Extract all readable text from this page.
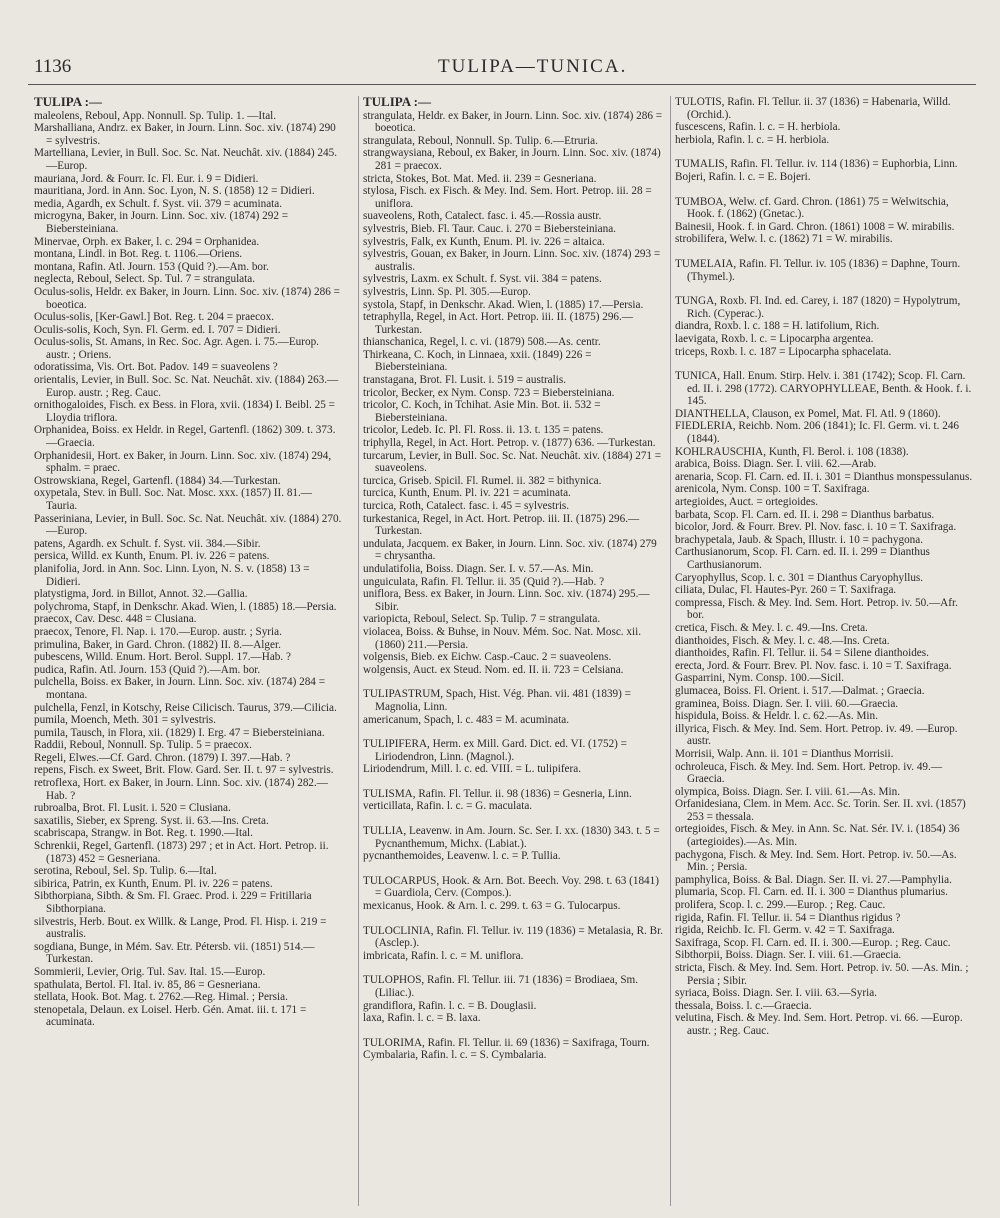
1136	TULIPA—TUNICA.
TULIPA :—
maleolens, Reboul, App. Nonnull. Sp. Tulip. 1. —Ital.
Marshalliana, Andrz. ex Baker, in Journ. Linn. Soc. xiv. (1874) 290 = sylvestris.
Martelliana, Levier, in Bull. Soc. Sc. Nat. Neuchât. xiv. (1884) 245.—Europ.
mauriana, Jord. & Fourr. Ic. Fl. Eur. i. 9 = Didieri.
mauritiana, Jord. in Ann. Soc. Lyon, N. S. (1858) 12 = Didieri.
media, Agardh, ex Schult. f. Syst. vii. 379 = acuminata.
microgyna, Baker, in Journ. Linn. Soc. xiv. (1874) 292 = Biebersteiniana.
Minervae, Orph. ex Baker, l. c. 294 = Orphanidea.
montana, Lindl. in Bot. Reg. t. 1106.—Oriens.
montana, Rafin. Atl. Journ. 153 (Quid ?).—Am. bor.
neglecta, Reboul, Select. Sp. Tul. 7 = strangulata.
Oculus-solis, Heldr. ex Baker, in Journ. Linn. Soc. xiv. (1874) 286 = boeotica.
Oculus-solis, [Ker-Gawl.] Bot. Reg. t. 204 = praecox.
Oculis-solis, Koch, Syn. Fl. Germ. ed. I. 707 = Didieri.
Oculus-solis, St. Amans, in Rec. Soc. Agr. Agen. i. 75.—Europ. austr. ; Oriens.
odoratissima, Vis. Ort. Bot. Padov. 149 = suaveolens ?
orientalis, Levier, in Bull. Soc. Sc. Nat. Neuchât. xiv. (1884) 263.—Europ. austr. ; Reg. Cauc.
ornithogaloides, Fisch. ex Bess. in Flora, xvii. (1834) I. Beibl. 25 = Lloydia triflora.
Orphanidea, Boiss. ex Heldr. in Regel, Gartenfl. (1862) 309. t. 373.—Graecia.
Orphanidesii, Hort. ex Baker, in Journ. Linn. Soc. xiv. (1874) 294, sphalm. = praec.
Ostrowskiana, Regel, Gartenfl. (1884) 34.—Turkestan.
oxypetala, Stev. in Bull. Soc. Nat. Mosc. xxx. (1857) II. 81.—Tauria.
Passeriniana, Levier, in Bull. Soc. Sc. Nat. Neuchât. xiv. (1884) 270.—Europ.
patens, Agardh. ex Schult. f. Syst. vii. 384.—Sibir.
persica, Willd. ex Kunth, Enum. Pl. iv. 226 = patens.
planifolia, Jord. in Ann. Soc. Linn. Lyon, N. S. v. (1858) 13 = Didieri.
platystigma, Jord. in Billot, Annot. 32.—Gallia.
polychroma, Stapf, in Denkschr. Akad. Wien, l. (1885) 18.—Persia.
praecox, Cav. Desc. 448 = Clusiana.
praecox, Tenore, Fl. Nap. i. 170.—Europ. austr. ; Syria.
primulina, Baker, in Gard. Chron. (1882) II. 8.—Alger.
pubescens, Willd. Enum. Hort. Berol. Suppl. 17.—Hab. ?
pudica, Rafin. Atl. Journ. 153 (Quid ?).—Am. bor.
pulchella, Boiss. ex Baker, in Journ. Linn. Soc. xiv. (1874) 284 = montana.
pulchella, Fenzl, in Kotschy, Reise Cilicisch. Taurus, 379.—Cilicia.
pumila, Moench, Meth. 301 = sylvestris.
pumila, Tausch, in Flora, xii. (1829) I. Erg. 47 = Biebersteiniana.
Raddii, Reboul, Nonnull. Sp. Tulip. 5 = praecox.
Regeli, Elwes.—Cf. Gard. Chron. (1879) I. 397.—Hab. ?
repens, Fisch. ex Sweet, Brit. Flow. Gard. Ser. II. t. 97 = sylvestris.
retroflexa, Hort. ex Baker, in Journ. Linn. Soc. xiv. (1874) 282.—Hab. ?
rubroalba, Brot. Fl. Lusit. i. 520 = Clusiana.
saxatilis, Sieber, ex Spreng. Syst. ii. 63.—Ins. Creta.
scabriscapa, Strangw. in Bot. Reg. t. 1990.—Ital.
Schrenkii, Regel, Gartenfl. (1873) 297 ; et in Act. Hort. Petrop. ii. (1873) 452 = Gesneriana.
serotina, Reboul, Sel. Sp. Tulip. 6.—Ital.
sibirica, Patrin, ex Kunth, Enum. Pl. iv. 226 = patens.
Sibthorpiana, Sibth. & Sm. Fl. Graec. Prod. i. 229 = Fritillaria Sibthorpiana.
silvestris, Herb. Bout. ex Willk. & Lange, Prod. Fl. Hisp. i. 219 = australis.
sogdiana, Bunge, in Mém. Sav. Etr. Pétersb. vii. (1851) 514.—Turkestan.
Sommierii, Levier, Orig. Tul. Sav. Ital. 15.—Europ.
spathulata, Bertol. Fl. Ital. iv. 85, 86 = Gesneriana.
stellata, Hook. Bot. Mag. t. 2762.—Reg. Himal. ; Persia.
stenopetala, Delaun. ex Loisel. Herb. Gén. Amat. iii. t. 171 = acuminata.
TULIPA :—
strangulata, Heldr. ex Baker, in Journ. Linn. Soc. xiv. (1874) 286 = boeotica.
strangulata, Reboul, Nonnull. Sp. Tulip. 6.—Etruria.
strangwaysiana, Reboul, ex Baker, in Journ. Linn. Soc. xiv. (1874) 281 = praecox.
stricta, Stokes, Bot. Mat. Med. ii. 239 = Gesneriana.
stylosa, Fisch. ex Fisch. & Mey. Ind. Sem. Hort. Petrop. iii. 28 = uniflora.
suaveolens, Roth, Catalect. fasc. i. 45.—Rossia austr.
sylvestris, Bieb. Fl. Taur. Cauc. i. 270 = Biebersteiniana.
sylvestris, Falk, ex Kunth, Enum. Pl. iv. 226 = altaica.
sylvestris, Gouan, ex Baker, in Journ. Linn. Soc. xiv. (1874) 293 = australis.
sylvestris, Laxm. ex Schult. f. Syst. vii. 384 = patens.
sylvestris, Linn. Sp. Pl. 305.—Europ.
systola, Stapf, in Denkschr. Akad. Wien, l. (1885) 17.—Persia.
tetraphylla, Regel, in Act. Hort. Petrop. iii. II. (1875) 296.—Turkestan.
thianschanica, Regel, l. c. vi. (1879) 508.—As. centr.
Thirkeana, C. Koch, in Linnaea, xxii. (1849) 226 = Biebersteiniana.
transtagana, Brot. Fl. Lusit. i. 519 = australis.
tricolor, Becker, ex Nym. Consp. 723 = Biebersteiniana.
tricolor, C. Koch, in Tchihat. Asie Min. Bot. ii. 532 = Biebersteiniana.
tricolor, Ledeb. Ic. Pl. Fl. Ross. ii. 13. t. 135 = patens.
triphylla, Regel, in Act. Hort. Petrop. v. (1877) 636. —Turkestan.
turcarum, Levier, in Bull. Soc. Sc. Nat. Neuchât. xiv. (1884) 271 = suaveolens.
turcica, Griseb. Spicil. Fl. Rumel. ii. 382 = bithynica.
turcica, Kunth, Enum. Pl. iv. 221 = acuminata.
turcica, Roth, Catalect. fasc. i. 45 = sylvestris.
turkestanica, Regel, in Act. Hort. Petrop. iii. II. (1875) 296.—Turkestan.
undulata, Jacquem. ex Baker, in Journ. Linn. Soc. xiv. (1874) 279 = chrysantha.
undulatifolia, Boiss. Diagn. Ser. I. v. 57.—As. Min.
unguiculata, Rafin. Fl. Tellur. ii. 35 (Quid ?).—Hab. ?
uniflora, Bess. ex Baker, in Journ. Linn. Soc. xiv. (1874) 295.—Sibir.
variopicta, Reboul, Select. Sp. Tulip. 7 = strangulata.
violacea, Boiss. & Buhse, in Nouv. Mém. Soc. Nat. Mosc. xii. (1860) 211.—Persia.
volgensis, Bieb. ex Eichw. Casp.-Cauc. 2 = suaveolens.
wolgensis, Auct. ex Steud. Nom. ed. II. ii. 723 = Celsiana.
TULIPASTRUM, Spach, Hist. Vég. Phan. vii. 481 (1839) = Magnolia, Linn.
americanum, Spach, l. c. 483 = M. acuminata.
TULIPIFERA, Herm. ex Mill. Gard. Dict. ed. VI. (1752) = Liriodendron, Linn. (Magnol.).
Liriodendrum, Mill. l. c. ed. VIII. = L. tulipifera.
TULISMA, Rafin. Fl. Tellur. ii. 98 (1836) = Gesneria, Linn.
verticillata, Rafin. l. c. = G. maculata.
TULLIA, Leavenw. in Am. Journ. Sc. Ser. I. xx. (1830) 343. t. 5 = Pycnanthemum, Michx. (Labiat.).
pycnanthemoides, Leavenw. l. c. = P. Tullia.
TULOCARPUS, Hook. & Arn. Bot. Beech. Voy. 298. t. 63 (1841) = Guardiola, Cerv. (Compos.).
mexicanus, Hook. & Arn. l. c. 299. t. 63 = G. Tulocarpus.
TULOCLINIA, Rafin. Fl. Tellur. iv. 119 (1836) = Metalasia, R. Br. (Asclep.).
imbricata, Rafin. l. c. = M. uniflora.
TULOPHOS, Rafin. Fl. Tellur. iii. 71 (1836) = Brodiaea, Sm. (Liliac.).
grandiflora, Rafin. l. c. = B. Douglasii.
laxa, Rafin. l. c. = B. laxa.
TULORIMA, Rafin. Fl. Tellur. ii. 69 (1836) = Saxifraga, Tourn.
Cymbalaria, Rafin. l. c. = S. Cymbalaria.
TULOTIS, Rafin. Fl. Tellur. ii. 37 (1836) = Habenaria, Willd. (Orchid.).
fuscescens, Rafin. l. c. = H. herbiola.
herbiola, Rafin. l. c. = H. herbiola.
TUMALIS, Rafin. Fl. Tellur. iv. 114 (1836) = Euphorbia, Linn.
Bojeri, Rafin. l. c. = E. Bojeri.
TUMBOA, Welw. cf. Gard. Chron. (1861) 75 = Welwitschia, Hook. f. (1862) (Gnetac.).
Bainesii, Hook. f. in Gard. Chron. (1861) 1008 = W. mirabilis.
strobilifera, Welw. l. c. (1862) 71 = W. mirabilis.
TUMELAIA, Rafin. Fl. Tellur. iv. 105 (1836) = Daphne, Tourn. (Thymel.).
TUNGA, Roxb. Fl. Ind. ed. Carey, i. 187 (1820) = Hypolytrum, Rich. (Cyperac.).
diandra, Roxb. l. c. 188 = H. latifolium, Rich.
laevigata, Roxb. l. c. = Lipocarpha argentea.
triceps, Roxb. l. c. 187 = Lipocarpha sphacelata.
TUNICA, Hall. Enum. Stirp. Helv. i. 381 (1742); Scop. Fl. Carn. ed. II. i. 298 (1772). CARYOPHYLLEAE, Benth. & Hook. f. i. 145.
DIANTHELLA, Clauson, ex Pomel, Mat. Fl. Atl. 9 (1860).
FIEDLERIA, Reichb. Nom. 206 (1841); Ic. Fl. Germ. vi. t. 246 (1844).
KOHLRAUSCHIA, Kunth, Fl. Berol. i. 108 (1838).
arabica, Boiss. Diagn. Ser. I. viii. 62.—Arab.
arenaria, Scop. Fl. Carn. ed. II. i. 301 = Dianthus monspessulanus.
arenicola, Nym. Consp. 100 = T. Saxifraga.
artegioides, Auct. = ortegioides.
barbata, Scop. Fl. Carn. ed. II. i. 298 = Dianthus barbatus.
bicolor, Jord. & Fourr. Brev. Pl. Nov. fasc. i. 10 = T. Saxifraga.
brachypetala, Jaub. & Spach, Illustr. i. 10 = pachygona.
Carthusianorum, Scop. Fl. Carn. ed. II. i. 299 = Dianthus Carthusianorum.
Caryophyllus, Scop. l. c. 301 = Dianthus Caryophyllus.
ciliata, Dulac, Fl. Hautes-Pyr. 260 = T. Saxifraga.
compressa, Fisch. & Mey. Ind. Sem. Hort. Petrop. iv. 50.—Afr. bor.
cretica, Fisch. & Mey. l. c. 49.—Ins. Creta.
dianthoides, Fisch. & Mey. l. c. 48.—Ins. Creta.
dianthoides, Rafin. Fl. Tellur. ii. 54 = Silene dianthoides.
erecta, Jord. & Fourr. Brev. Pl. Nov. fasc. i. 10 = T. Saxifraga.
Gasparrini, Nym. Consp. 100.—Sicil.
glumacea, Boiss. Fl. Orient. i. 517.—Dalmat. ; Graecia.
graminea, Boiss. Diagn. Ser. I. viii. 60.—Graecia.
hispidula, Boiss. & Heldr. l. c. 62.—As. Min.
illyrica, Fisch. & Mey. Ind. Sem. Hort. Petrop. iv. 49. —Europ. austr.
Morrisii, Walp. Ann. ii. 101 = Dianthus Morrisii.
ochroleuca, Fisch. & Mey. Ind. Sem. Hort. Petrop. iv. 49.—Graecia.
olympica, Boiss. Diagn. Ser. I. viii. 61.—As. Min.
Orfanidesiana, Clem. in Mem. Acc. Sc. Torin. Ser. II. xvi. (1857) 253 = thessala.
ortegioides, Fisch. & Mey. in Ann. Sc. Nat. Sér. IV. i. (1854) 36 (artegioides).—As. Min.
pachygona, Fisch. & Mey. Ind. Sem. Hort. Petrop. iv. 50.—As. Min. ; Persia.
pamphylica, Boiss. & Bal. Diagn. Ser. II. vi. 27.—Pamphylia.
plumaria, Scop. Fl. Carn. ed. II. i. 300 = Dianthus plumarius.
prolifera, Scop. l. c. 299.—Europ. ; Reg. Cauc.
rigida, Rafin. Fl. Tellur. ii. 54 = Dianthus rigidus ?
rigida, Reichb. Ic. Fl. Germ. v. 42 = T. Saxifraga.
Saxifraga, Scop. Fl. Carn. ed. II. i. 300.—Europ. ; Reg. Cauc.
Sibthorpii, Boiss. Diagn. Ser. I. viii. 61.—Graecia.
stricta, Fisch. & Mey. Ind. Sem. Hort. Petrop. iv. 50. —As. Min. ; Persia ; Sibir.
syriaca, Boiss. Diagn. Ser. I. viii. 63.—Syria.
thessala, Boiss. l. c.—Graecia.
velutina, Fisch. & Mey. Ind. Sem. Hort. Petrop. vi. 66. —Europ. austr. ; Reg. Cauc.
